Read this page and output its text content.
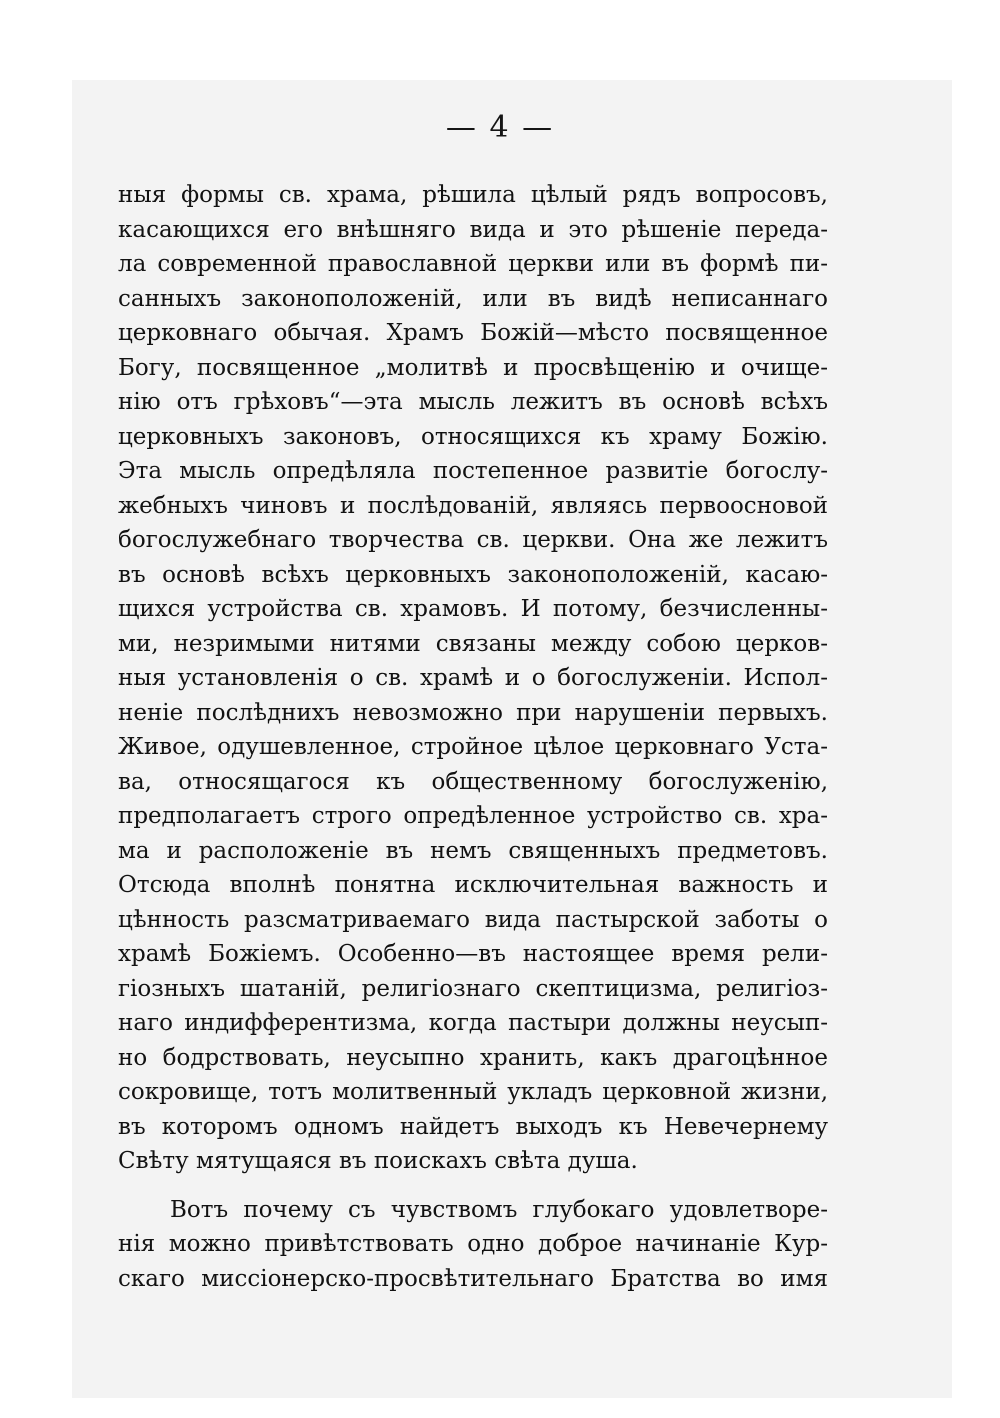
— 4 —
ныя формы св. храма, рѣшила цѣлый рядъ вопросовъ,
касающихся его внѣшняго вида и это рѣшеніе переда-
ла современной православной церкви или въ формѣ пи-
санныхъ законоположеній, или въ видѣ неписаннаго
церковнаго обычая. Храмъ Божій—мѣсто посвященное
Богу, посвященное „молитвѣ и просвѣщенію и очище-
нію отъ грѣховъ“—эта мысль лежитъ въ основѣ всѣхъ
церковныхъ законовъ, относящихся къ храму Божію.
Эта мысль опредѣляла постепенное развитіе богослу-
жебныхъ чиновъ и послѣдованій, являясь первоосновой
богослужебнаго творчества св. церкви. Она же лежитъ
въ основѣ всѣхъ церковныхъ законоположеній, касаю-
щихся устройства св. храмовъ. И потому, безчисленны-
ми, незримыми нитями связаны между собою церков-
ныя установленія о св. храмѣ и о богослуженіи. Испол-
неніе послѣднихъ невозможно при нарушеніи первыхъ.
Живое, одушевленное, стройное цѣлое церковнаго Уста-
ва, относящагося къ общественному богослуженію,
предполагаетъ строго опредѣленное устройство св. хра-
ма и расположеніе въ немъ священныхъ предметовъ.
Отсюда вполнѣ понятна исключительная важность и
цѣнность разсматриваемаго вида пастырской заботы о
храмѣ Божіемъ. Особенно—въ настоящее время рели-
гіозныхъ шатаній, религіознаго скептицизма, религіоз-
наго индифферентизма, когда пастыри должны неусып-
но бодрствовать, неусыпно хранить, какъ драгоцѣнное
сокровище, тотъ молитвенный укладъ церковной жизни,
въ которомъ одномъ найдетъ выходъ къ Невечернему
Свѣту мятущаяся въ поискахъ свѣта душа.
Вотъ почему съ чувствомъ глубокаго удовлетворе-
нія можно привѣтствовать одно доброе начинаніе Кур-
скаго миссіонерско-просвѣтительнаго Братства во имя
